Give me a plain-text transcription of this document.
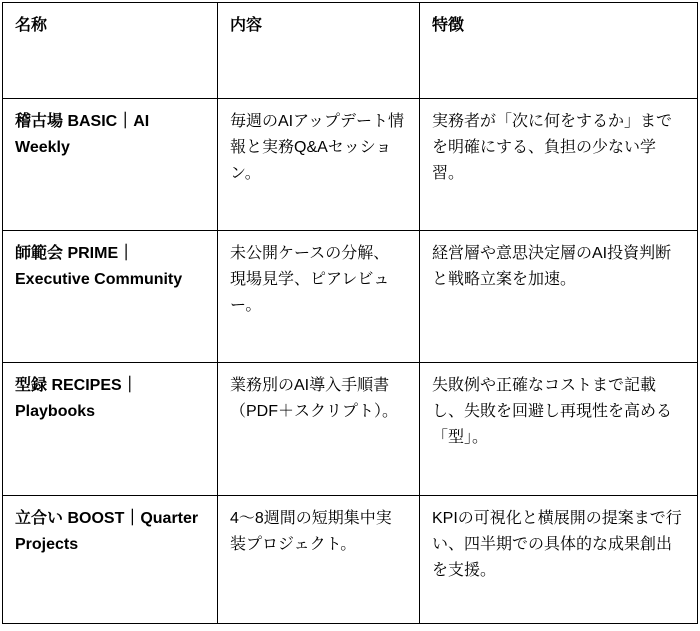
名称	内容	特徴
稽古場 BASIC｜AI Weekly	毎週のAIアップデート情報と実務Q&Aセッション。	実務者が「次に何をするか」までを明確にする、負担の少ない学習。
師範会 PRIME｜Executive Community	未公開ケースの分解、現場見学、ピアレビュー。	経営層や意思決定層のAI投資判断と戦略立案を加速。
型録 RECIPES｜Playbooks	業務別のAI導入手順書（PDF＋スクリプト）。	失敗例や正確なコストまで記載し、失敗を回避し再現性を高める「型」。
立合い BOOST｜Quarter Projects	4〜8週間の短期集中実装プロジェクト。	KPIの可視化と横展開の提案まで行い、四半期での具体的な成果創出を支援。
